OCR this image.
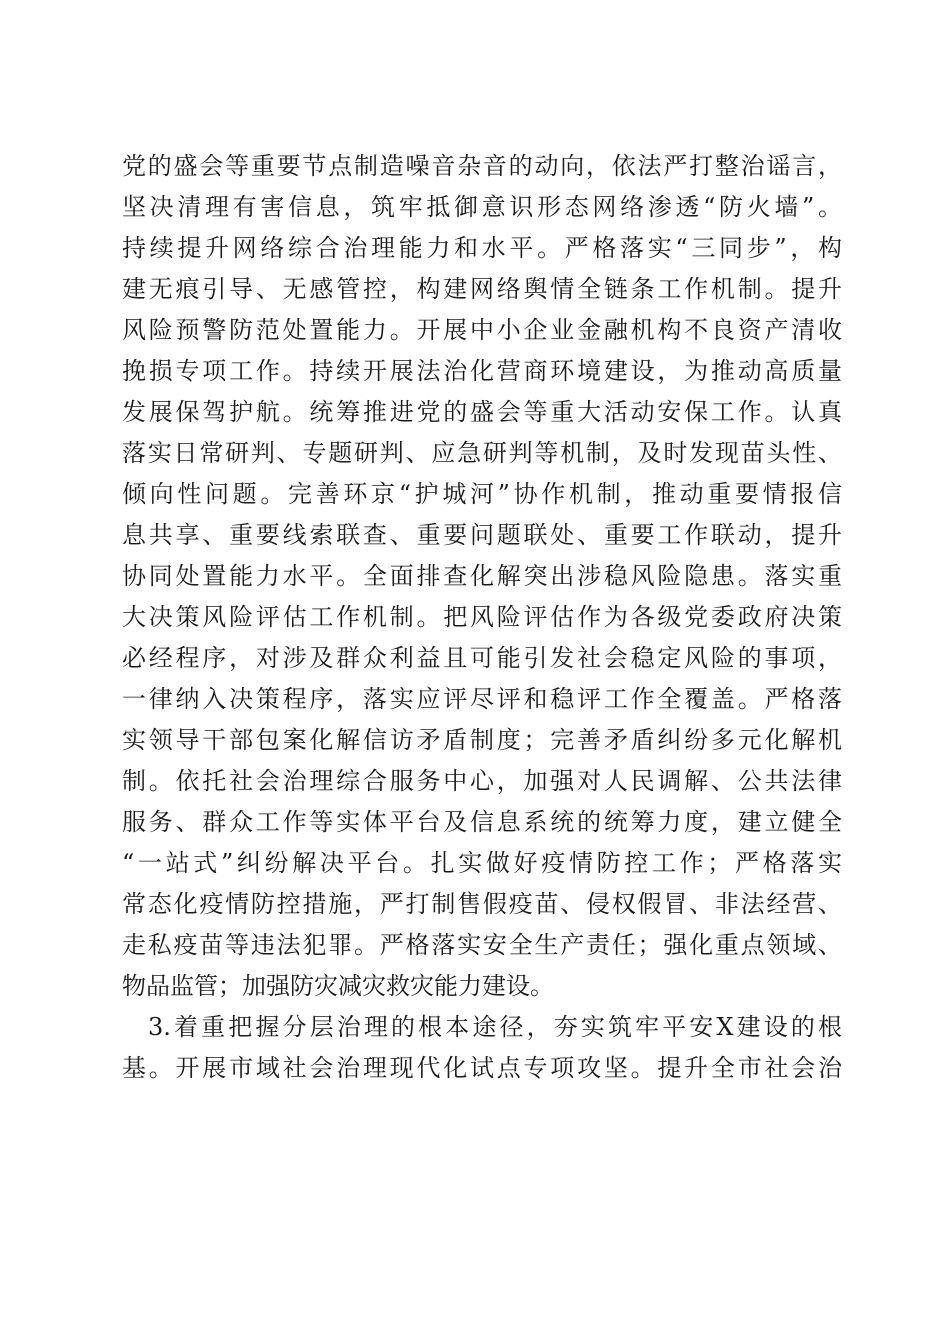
党的盛会等重要节点制造噪音杂音的动向，依法严打整治谣言，
坚决清理有害信息，筑牢抵御意识形态网络渗透“防火墙”。
持续提升网络综合治理能力和水平。严格落实“三同步”，构
建无痕引导、无感管控，构建网络舆情全链条工作机制。提升
风险预警防范处置能力。开展中小企业金融机构不良资产清收
挽损专项工作。持续开展法治化营商环境建设，为推动高质量
发展保驾护航。统筹推进党的盛会等重大活动安保工作。认真
落实日常研判、专题研判、应急研判等机制，及时发现苗头性、
倾向性问题。完善环京“护城河”协作机制，推动重要情报信
息共享、重要线索联查、重要问题联处、重要工作联动，提升
协同处置能力水平。全面排查化解突出涉稳风险隐患。落实重
大决策风险评估工作机制。把风险评估作为各级党委政府决策
必经程序，对涉及群众利益且可能引发社会稳定风险的事项，
一律纳入决策程序，落实应评尽评和稳评工作全覆盖。严格落
实领导干部包案化解信访矛盾制度；完善矛盾纠纷多元化解机
制。依托社会治理综合服务中心，加强对人民调解、公共法律
服务、群众工作等实体平台及信息系统的统筹力度，建立健全
“一站式”纠纷解决平台。扎实做好疫情防控工作；严格落实
常态化疫情防控措施，严打制售假疫苗、侵权假冒、非法经营、
走私疫苗等违法犯罪。严格落实安全生产责任；强化重点领域、
物品监管；加强防灾减灾救灾能力建设。
3.着重把握分层治理的根本途径，夯实筑牢平安X建设的根
基。开展市域社会治理现代化试点专项攻坚。提升全市社会治
